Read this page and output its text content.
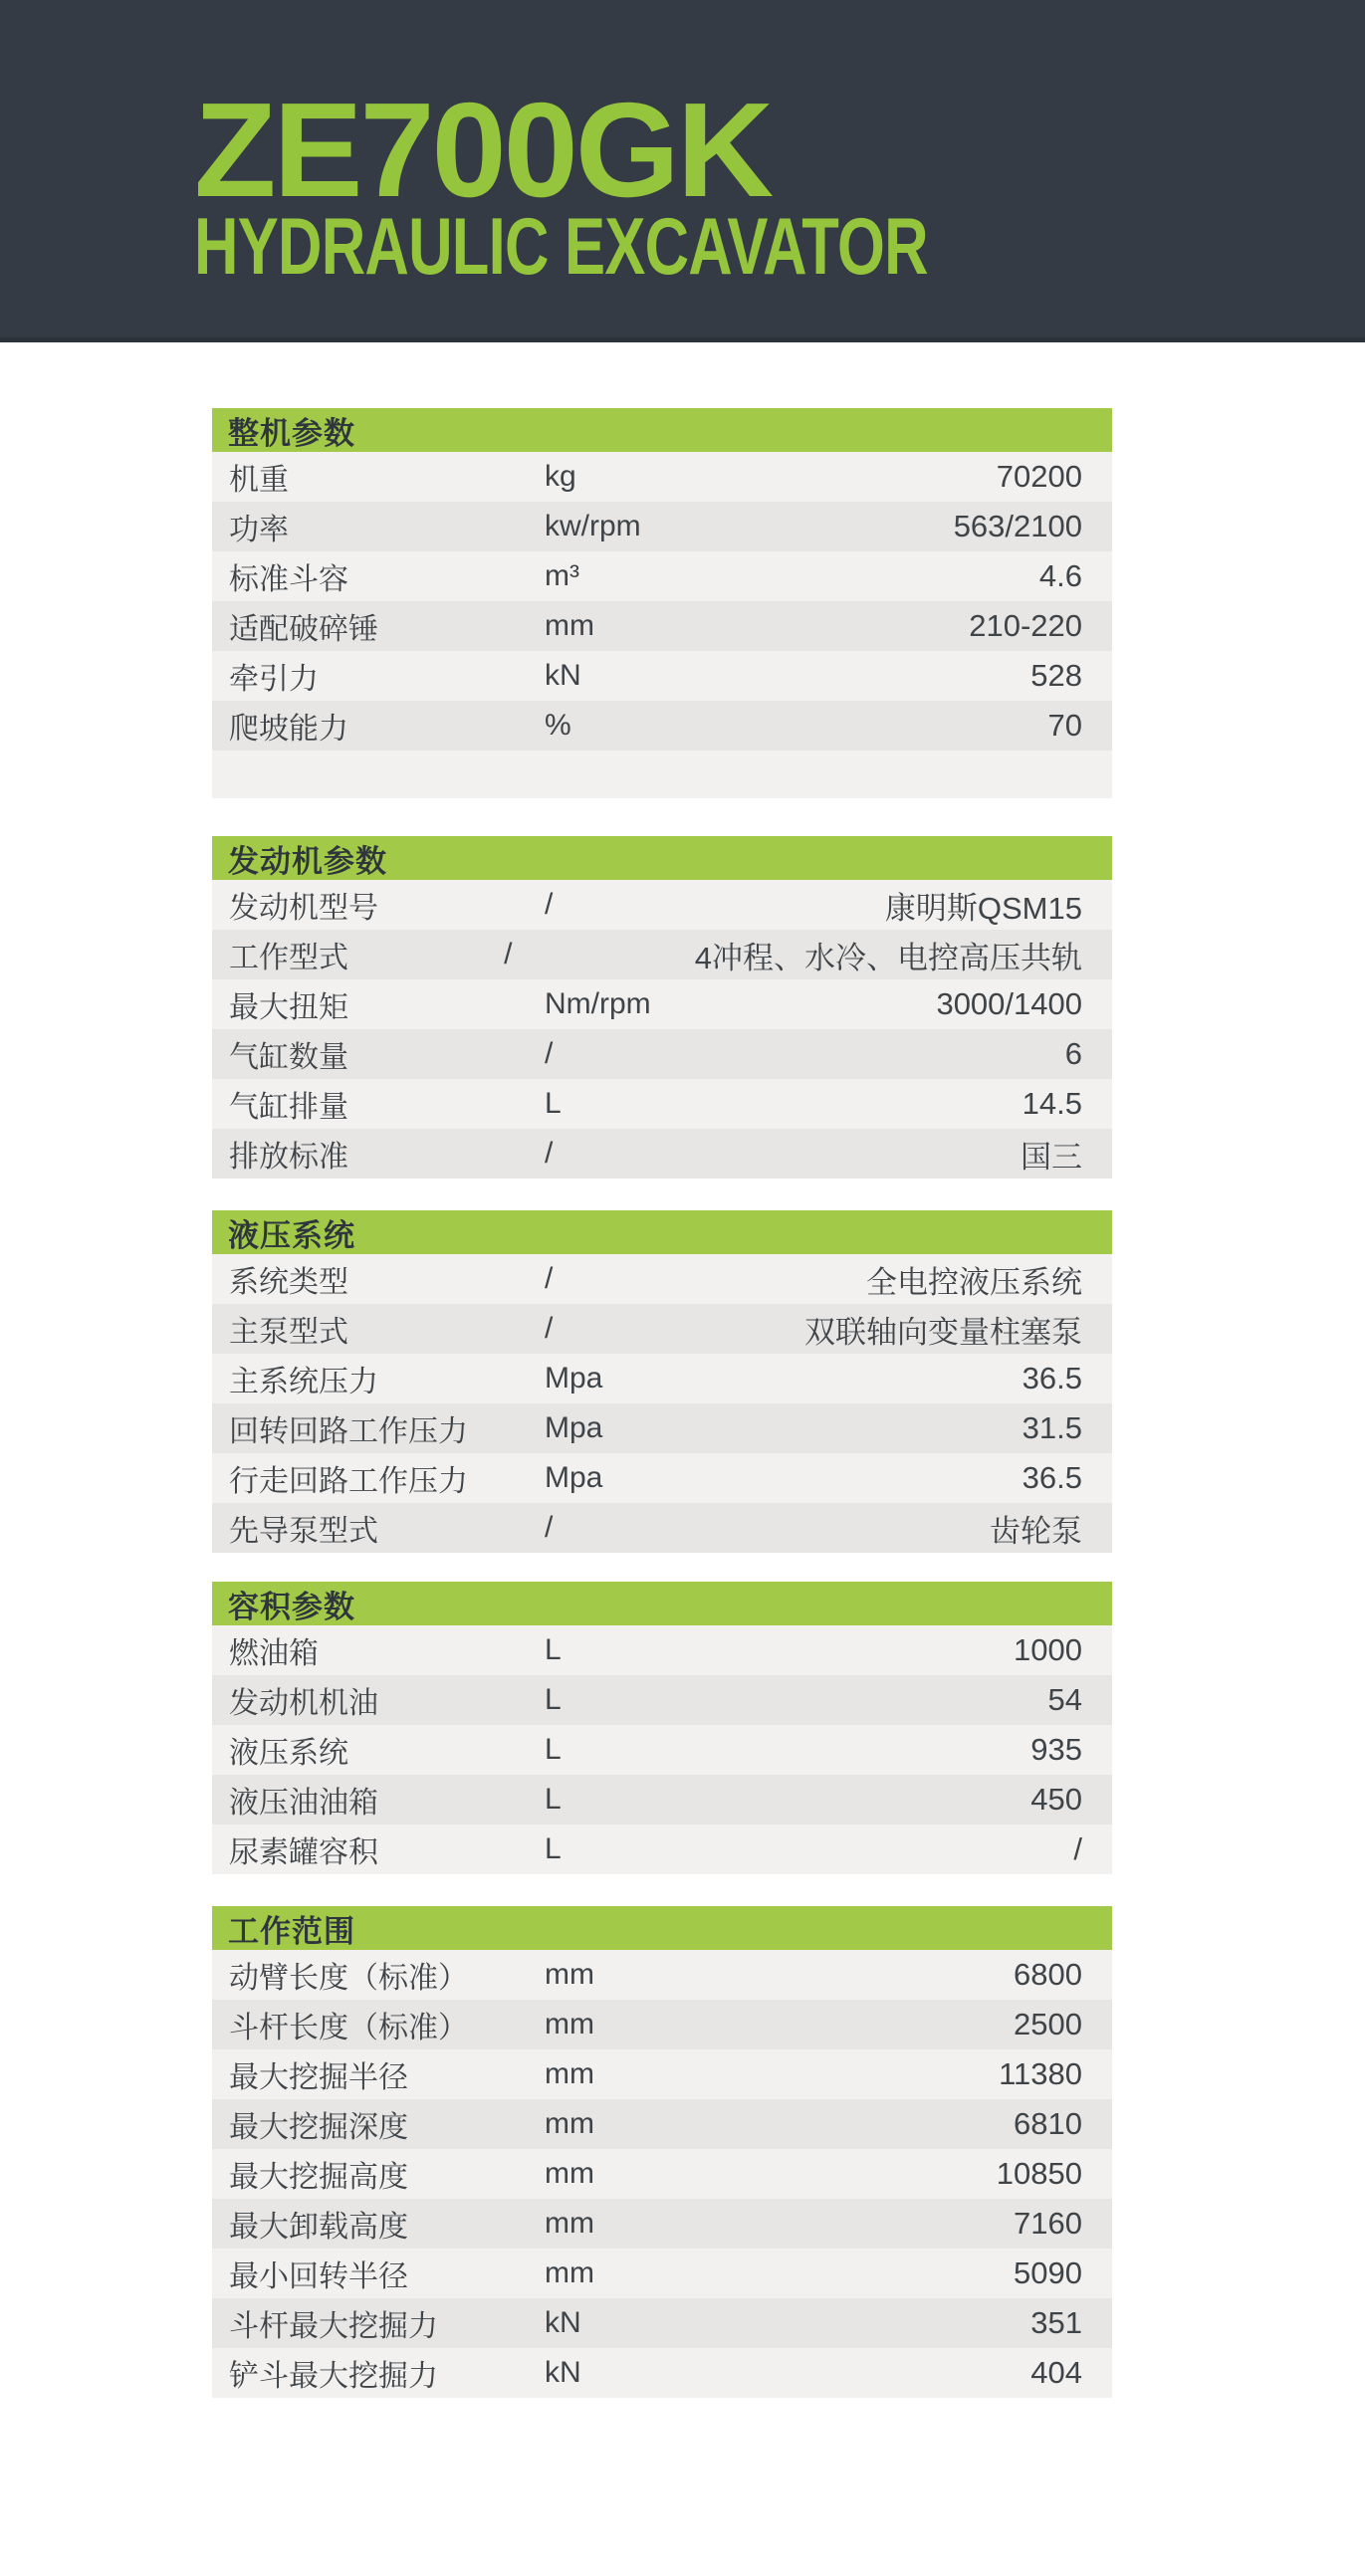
ZE700GK
HYDRAULIC EXCAVATOR
整机参数
机重	kg	70200
功率	kw/rpm	563/2100
标准斗容	m³	4.6
适配破碎锤	mm	210-220
牵引力	kN	528
爬坡能力	%	70
发动机参数
发动机型号	/	康明斯QSM15
工作型式	/	4冲程、水冷、电控高压共轨
最大扭矩	Nm/rpm	3000/1400
气缸数量	/	6
气缸排量	L	14.5
排放标准	/	国三
液压系统
系统类型	/	全电控液压系统
主泵型式	/	双联轴向变量柱塞泵
主系统压力	Mpa	36.5
回转回路工作压力	Mpa	31.5
行走回路工作压力	Mpa	36.5
先导泵型式	/	齿轮泵
容积参数
燃油箱	L	1000
发动机机油	L	54
液压系统	L	935
液压油油箱	L	450
尿素罐容积	L	/
工作范围
动臂长度（标准）	mm	6800
斗杆长度（标准）	mm	2500
最大挖掘半径	mm	11380
最大挖掘深度	mm	6810
最大挖掘高度	mm	10850
最大卸载高度	mm	7160
最小回转半径	mm	5090
斗杆最大挖掘力	kN	351
铲斗最大挖掘力	kN	404
